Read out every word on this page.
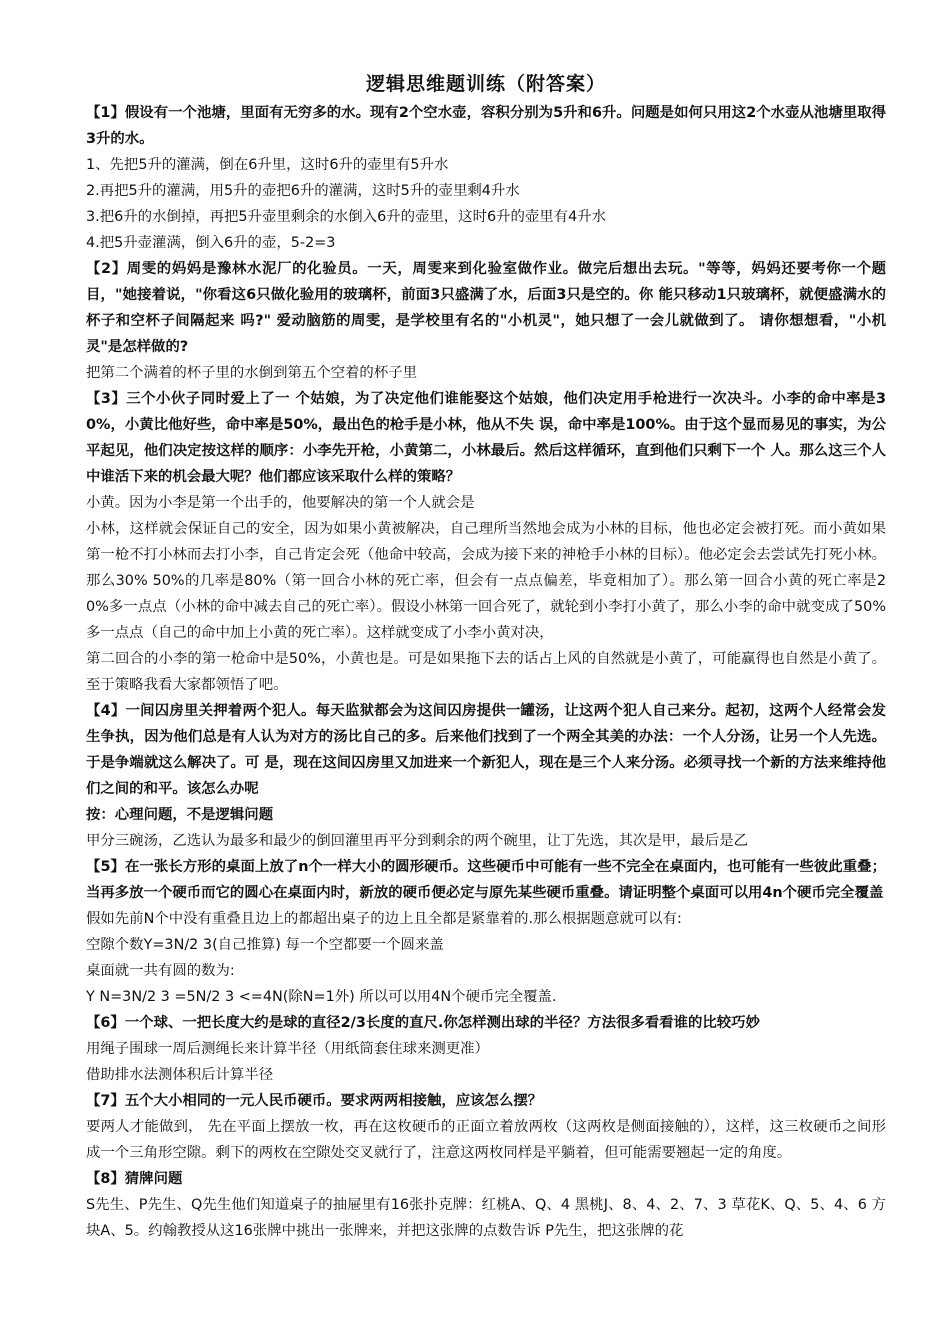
逻辑思维题训练（附答案）

【1】假设有一个池塘，里面有无穷多的水。现有2个空水壶，容积分别为5升和6升。问题是如何只用这2个水壶从池塘里取得3升的水。

1、先把5升的灌满，倒在6升里，这时6升的壶里有5升水

2.再把5升的灌满，用5升的壶把6升的灌满，这时5升的壶里剩4升水

3.把6升的水倒掉，再把5升壶里剩余的水倒入6升的壶里，这时6升的壶里有4升水

4.把5升壶灌满，倒入6升的壶，5-2=3

【2】周雯的妈妈是豫林水泥厂的化验员。一天，周雯来到化验室做作业。做完后想出去玩。"等等，妈妈还要考你一个题目，"她接着说，"你看这6只做化验用的玻璃杯，前面3只盛满了水，后面3只是空的。你 能只移动1只玻璃杯，就便盛满水的杯子和空杯子间隔起来 吗?" 爱动脑筋的周雯，是学校里有名的"小机灵"，她只想了一会儿就做到了。 请你想想看，"小机灵"是怎样做的?

把第二个满着的杯子里的水倒到第五个空着的杯子里

【3】三个小伙子同时爱上了一 个姑娘，为了决定他们谁能娶这个姑娘，他们决定用手枪进行一次决斗。小李的命中率是30%，小黄比他好些，命中率是50%，最出色的枪手是小林，他从不失 误，命中率是100%。由于这个显而易见的事实，为公平起见，他们决定按这样的顺序：小李先开枪，小黄第二，小林最后。然后这样循环，直到他们只剩下一个 人。那么这三个人中谁活下来的机会最大呢？他们都应该采取什么样的策略？

小黄。因为小李是第一个出手的，他要解决的第一个人就会是

小林，这样就会保证自己的安全，因为如果小黄被解决，自己理所当然地会成为小林的目标，他也必定会被打死。而小黄如果第一枪不打小林而去打小李，自己肯定会死（他命中较高，会成为接下来的神枪手小林的目标）。他必定会去尝试先打死小林。那么30% 50%的几率是80%（第一回合小林的死亡率，但会有一点点偏差，毕竟相加了）。那么第一回合小黄的死亡率是20%多一点点（小林的命中减去自己的死亡率）。假设小林第一回合死了，就轮到小李打小黄了，那么小李的命中就变成了50%多一点点（自己的命中加上小黄的死亡率）。这样就变成了小李小黄对决，

第二回合的小李的第一枪命中是50%，小黄也是。可是如果拖下去的话占上风的自然就是小黄了，可能赢得也自然是小黄了。至于策略我看大家都领悟了吧。

【4】一间囚房里关押着两个犯人。每天监狱都会为这间囚房提供一罐汤，让这两个犯人自己来分。起初，这两个人经常会发生争执，因为他们总是有人认为对方的汤比自己的多。后来他们找到了一个两全其美的办法：一个人分汤，让另一个人先选。于是争端就这么解决了。可 是，现在这间囚房里又加进来一个新犯人，现在是三个人来分汤。必须寻找一个新的方法来维持他们之间的和平。该怎么办呢

按：心理问题，不是逻辑问题

甲分三碗汤，乙选认为最多和最少的倒回灌里再平分到剩余的两个碗里，让丁先选，其次是甲，最后是乙

【5】在一张长方形的桌面上放了n个一样大小的圆形硬币。这些硬币中可能有一些不完全在桌面内，也可能有一些彼此重叠；当再多放一个硬币而它的圆心在桌面内时，新放的硬币便必定与原先某些硬币重叠。请证明整个桌面可以用4n个硬币完全覆盖

假如先前N个中没有重叠且边上的都超出桌子的边上且全都是紧靠着的.那么根据题意就可以有:

空隙个数Y=3N/2 3(自己推算) 每一个空都要一个圆来盖

桌面就一共有圆的数为:

Y N=3N/2 3 =5N/2 3 <=4N(除N=1外) 所以可以用4N个硬币完全覆盖.

【6】一个球、一把长度大约是球的直径2/3长度的直尺.你怎样测出球的半径？方法很多看看谁的比较巧妙

用绳子围球一周后测绳长来计算半径（用纸筒套住球来测更准）

借助排水法测体积后计算半径

【7】五个大小相同的一元人民币硬币。要求两两相接触，应该怎么摆？

要两人才能做到， 先在平面上摆放一枚，再在这枚硬币的正面立着放两枚（这两枚是侧面接触的），这样，这三枚硬币之间形成一个三角形空隙。剩下的两枚在空隙处交叉就行了，注意这两枚同样是平躺着，但可能需要翘起一定的角度。

【8】猜牌问题

S先生、P先生、Q先生他们知道桌子的抽屉里有16张扑克牌：红桃A、Q、4 黑桃J、8、4、2、7、3 草花K、Q、5、4、6 方块A、5。约翰教授从这16张牌中挑出一张牌来，并把这张牌的点数告诉 P先生，把这张牌的花
